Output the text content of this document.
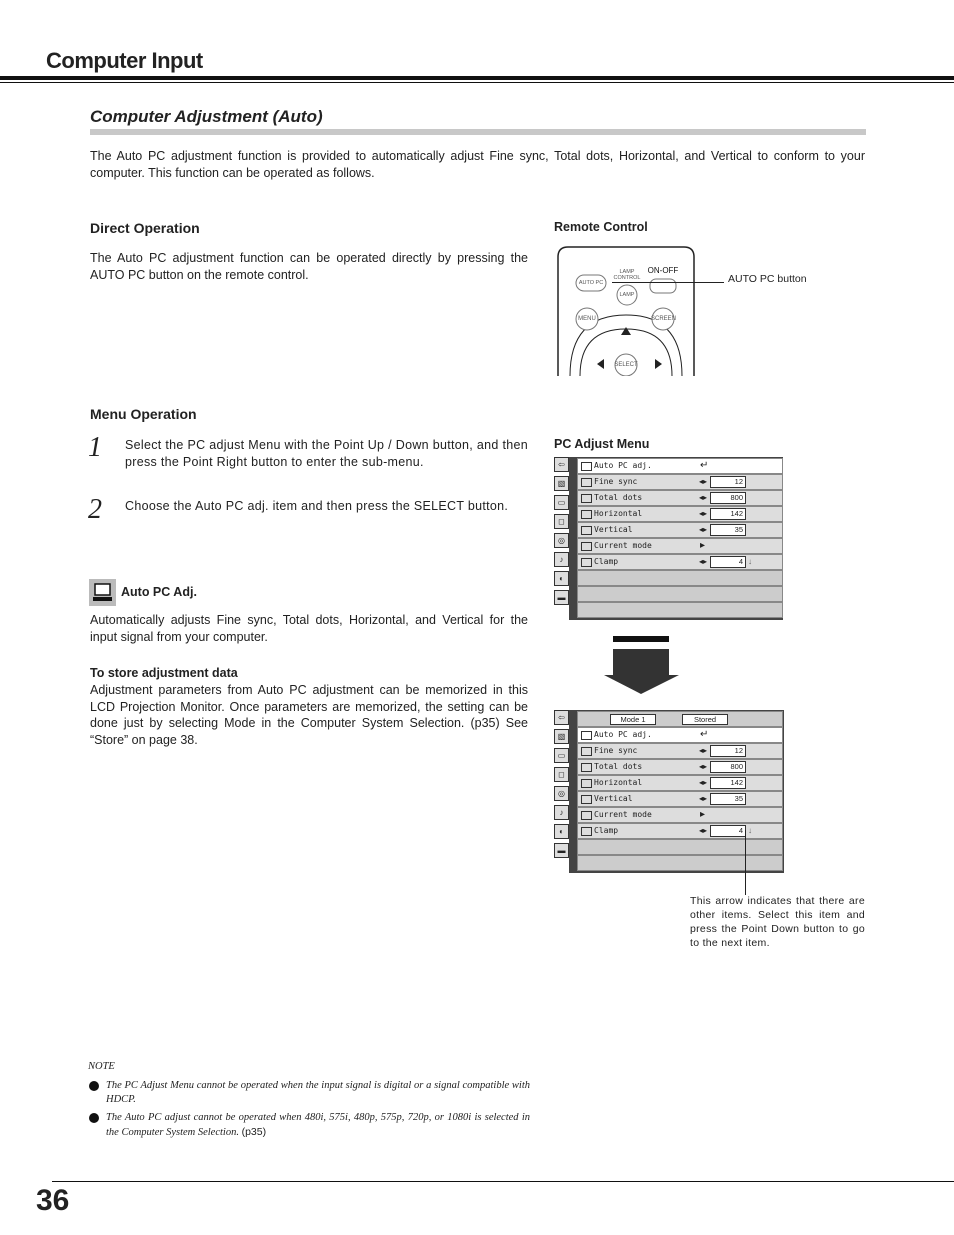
Computer Input
Computer Adjustment (Auto)
The Auto PC adjustment function is provided to automatically adjust Fine sync, Total dots, Horizontal, and Vertical to conform to your computer. This function can be operated as follows.
Direct Operation
The Auto PC adjustment function can be operated directly by pressing the AUTO PC button on the remote control.
Remote Control
AUTO PC
LAMP CONTROL
LAMP
ON-OFF
MENU	SCREEN
SELECT
AUTO PC button
Menu Operation
1 Select the PC adjust Menu with the Point Up / Down button, and then press the Point Right button to enter the sub-menu.
2 Choose the Auto PC adj. item and then press the SELECT button.
Auto PC Adj.
Automatically adjusts Fine sync, Total dots, Horizontal, and Vertical for the input signal from your computer.
To store adjustment data
Adjustment parameters from Auto PC adjustment can be memorized in this LCD Projection Monitor. Once parameters are memorized, the setting can be done just by selecting Mode in the Computer System Selection. (p35) See “Store” on page 38.
PC Adjust Menu
⇦
▧
▭
◻
◎
♪
◐
▬
Auto PC adj.	↵
Fine sync	◂▸	12
Total dots	◂▸	800
Horizontal	◂▸	142
Vertical	◂▸	35
Current mode	▸
Clamp	◂▸	4 ↓
⇦
▧
▭
◻
◎
♪
◐
▬
Mode 1	Stored
Auto PC adj.	↵
Fine sync	◂▸	12
Total dots	◂▸	800
Horizontal	◂▸	142
Vertical	◂▸	35
Current mode	▸
Clamp	◂▸	4 ↓
This arrow indicates that there are other items. Select this item and press the Point Down button to go to the next item.
NOTE
The PC Adjust Menu cannot be operated when the input signal is digital or a signal compatible with HDCP.
The Auto PC adjust cannot be operated when 480i, 575i, 480p, 575p, 720p, or 1080i is selected in the Computer System Selection. (p35)
36
